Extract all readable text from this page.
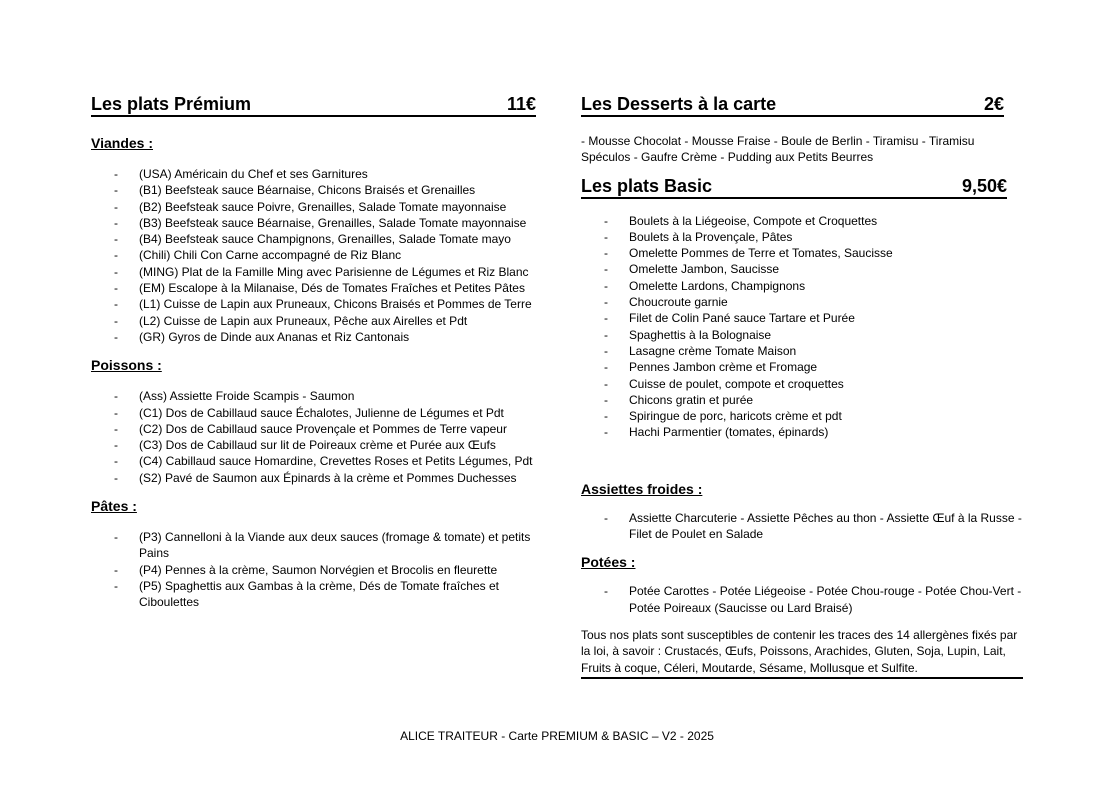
Les plats Prémium	11€
Viandes :
- (USA) Américain du Chef et ses Garnitures
- (B1) Beefsteak sauce Béarnaise, Chicons Braisés et Grenailles
- (B2) Beefsteak sauce Poivre, Grenailles, Salade Tomate mayonnaise
- (B3) Beefsteak sauce Béarnaise, Grenailles, Salade Tomate mayonnaise
- (B4) Beefsteak sauce Champignons, Grenailles, Salade Tomate mayo
- (Chili) Chili Con Carne accompagné de Riz Blanc
- (MING) Plat de la Famille Ming avec Parisienne de Légumes et Riz Blanc
- (EM) Escalope à la Milanaise, Dés de Tomates Fraîches et Petites Pâtes
- (L1) Cuisse de Lapin aux Pruneaux, Chicons Braisés et Pommes de Terre
- (L2) Cuisse de Lapin aux Pruneaux, Pêche aux Airelles et Pdt
- (GR) Gyros de Dinde aux Ananas et Riz Cantonais
Poissons :
- (Ass) Assiette Froide Scampis - Saumon
- (C1) Dos de Cabillaud sauce Échalotes, Julienne de Légumes et Pdt
- (C2) Dos de Cabillaud sauce Provençale et Pommes de Terre vapeur
- (C3) Dos de Cabillaud sur lit de Poireaux crème et Purée aux Œufs
- (C4) Cabillaud sauce Homardine, Crevettes Roses et Petits Légumes, Pdt
- (S2) Pavé de Saumon aux Épinards à la crème et Pommes Duchesses
Pâtes :
- (P3) Cannelloni à la Viande aux deux sauces (fromage & tomate) et petits Pains
- (P4) Pennes à la crème, Saumon Norvégien et Brocolis en fleurette
- (P5) Spaghettis aux Gambas à la crème, Dés de Tomate fraîches et Ciboulettes
Les Desserts à la carte	2€
- Mousse Chocolat - Mousse Fraise - Boule de Berlin - Tiramisu - Tiramisu Spéculos - Gaufre Crème - Pudding aux Petits Beurres
Les plats Basic	9,50€
- Boulets à la Liégeoise, Compote et Croquettes
- Boulets à la Provençale, Pâtes
- Omelette Pommes de Terre et Tomates, Saucisse
- Omelette Jambon, Saucisse
- Omelette Lardons, Champignons
- Choucroute garnie
- Filet de Colin Pané sauce Tartare et Purée
- Spaghettis à la Bolognaise
- Lasagne crème Tomate Maison
- Pennes Jambon crème et Fromage
- Cuisse de poulet, compote et croquettes
- Chicons gratin et purée
- Spiringue de porc, haricots crème et pdt
- Hachi Parmentier (tomates, épinards)
Assiettes froides :
- Assiette Charcuterie - Assiette Pêches au thon - Assiette Œuf à la Russe - Filet de Poulet en Salade
Potées :
- Potée Carottes - Potée Liégeoise - Potée Chou-rouge - Potée Chou-Vert - Potée Poireaux (Saucisse ou Lard Braisé)
Tous nos plats sont susceptibles de contenir les traces des 14 allergènes fixés par la loi, à savoir : Crustacés, Œufs, Poissons, Arachides, Gluten, Soja, Lupin, Lait, Fruits à coque, Céleri, Moutarde, Sésame, Mollusque et Sulfite.
ALICE TRAITEUR - Carte PREMIUM & BASIC – V2 - 2025
